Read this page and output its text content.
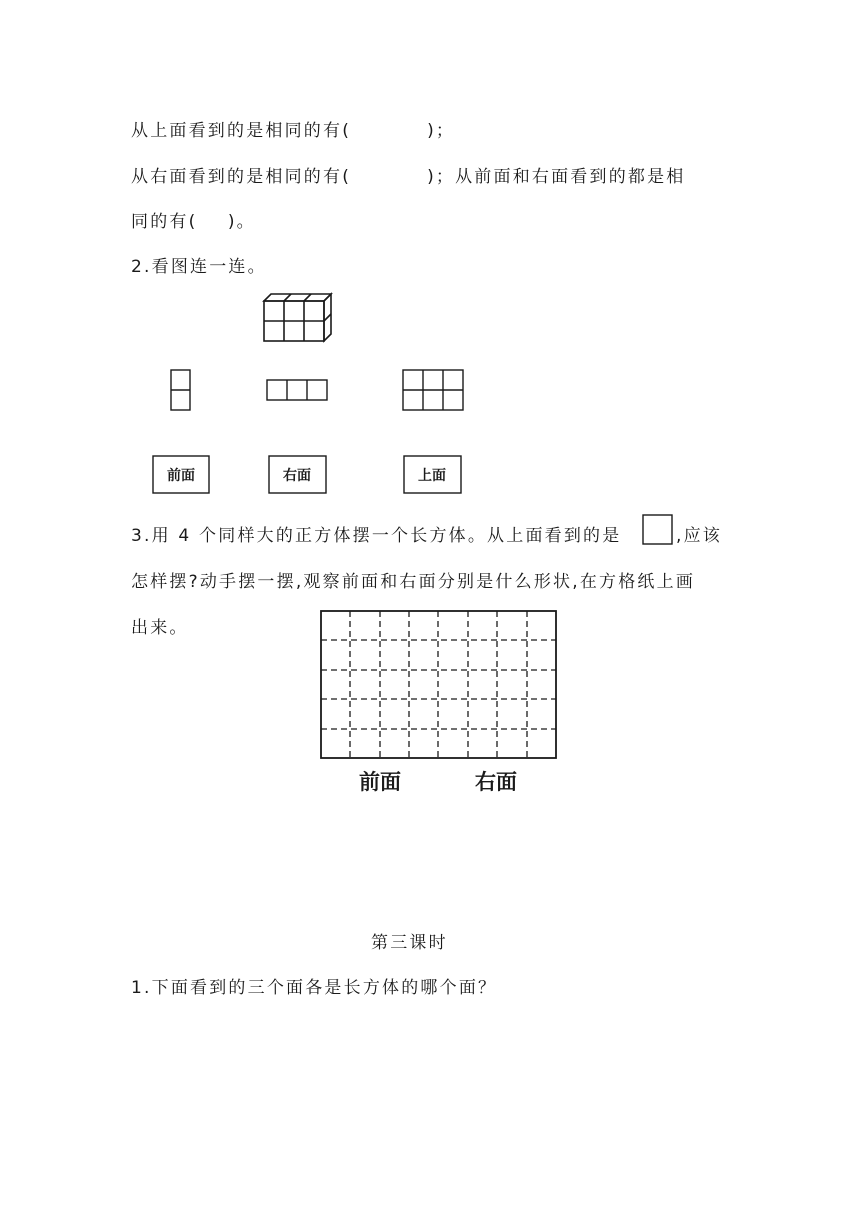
从上面看到的是相同的有(          )；
从右面看到的是相同的有(          )；从前面和右面看到的都是相
同的有(    )。
2.看图连一连。
前面	右面	上面
前面	右面
3.用 4 个同样大的正方体摆一个长方体。从上面看到的是	,应该
怎样摆?动手摆一摆,观察前面和右面分别是什么形状,在方格纸上画
出来。
第三课时
1.下面看到的三个面各是长方体的哪个面？
